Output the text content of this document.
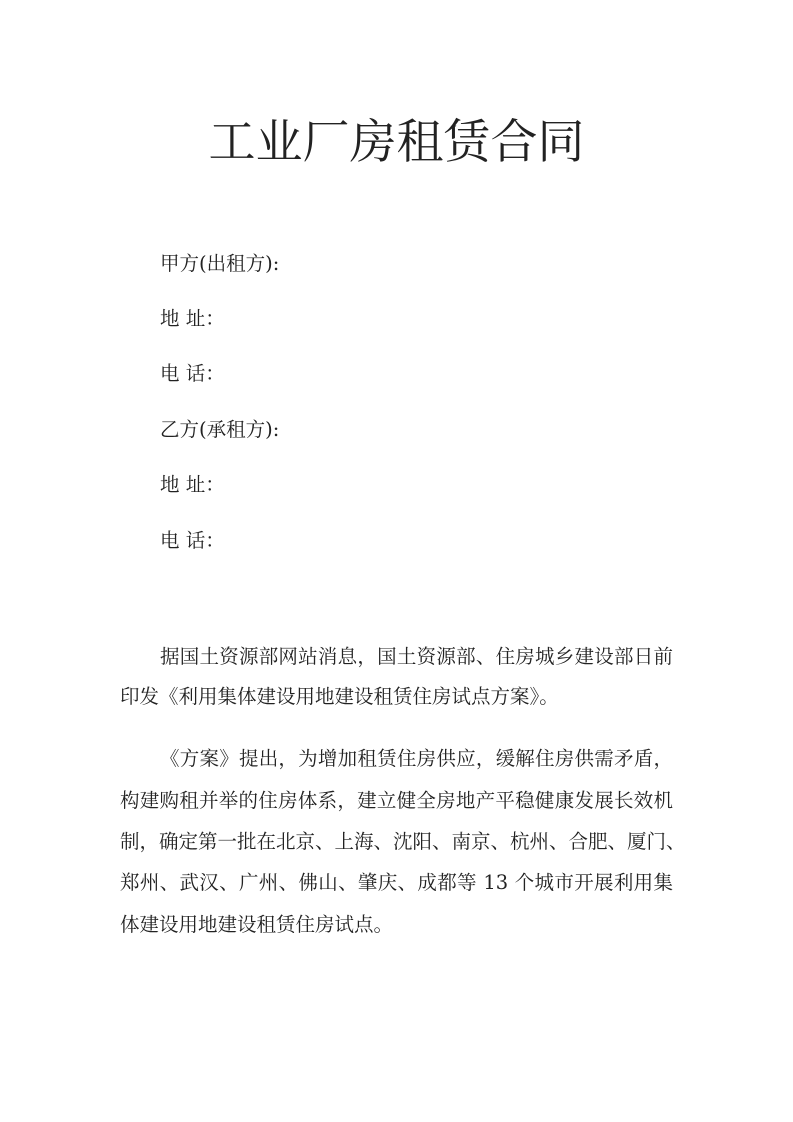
工业厂房租赁合同
甲方(出租方):
地 址：
电 话：
乙方(承租方):
地 址：
电 话：
据国土资源部网站消息，国土资源部、住房城乡建设部日前
印发《利用集体建设用地建设租赁住房试点方案》。
《方案》提出，为增加租赁住房供应，缓解住房供需矛盾，
构建购租并举的住房体系，建立健全房地产平稳健康发展长效机
制，确定第一批在北京、上海、沈阳、南京、杭州、合肥、厦门、
郑州、武汉、广州、佛山、肇庆、成都等 13 个城市开展利用集
体建设用地建设租赁住房试点。
